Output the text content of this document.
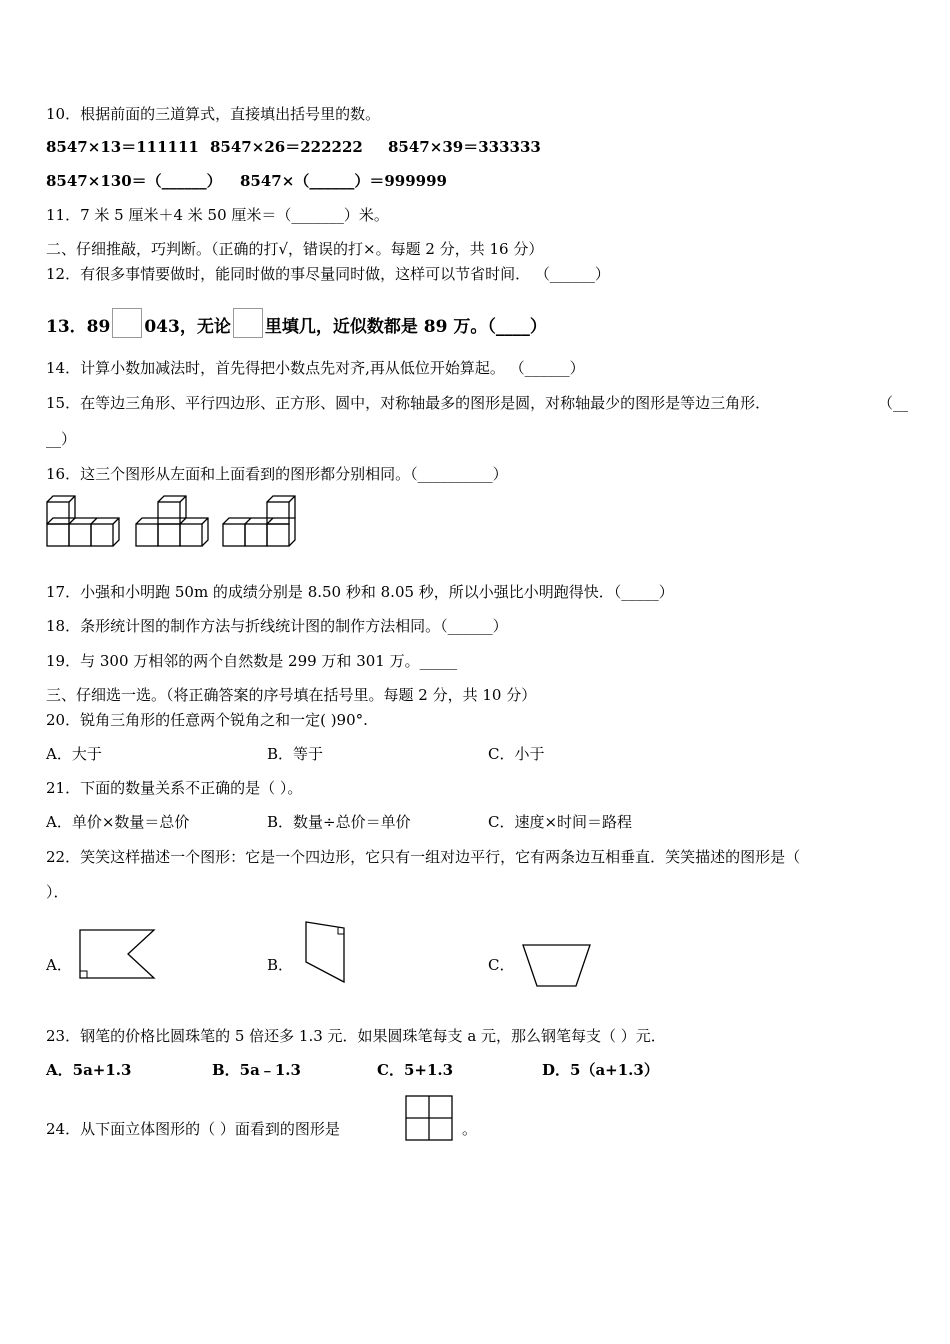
10．根据前面的三道算式，直接填出括号里的数。
8547×13＝111111 8547×26＝222222 8547×39＝333333
8547×130＝（______） 8547×（______）＝999999
11．7 米 5 厘米＋4 米 50 厘米＝（_______）米。
二、仔细推敲，巧判断。（正确的打√，错误的打×。每题 2 分，共 16 分）
12．有很多事情要做时，能同时做的事尽量同时做，这样可以节省时间． （______）
13．89 043，无论 里填几，近似数都是 89 万。（____）
14．计算小数加减法时，首先得把小数点先对齐,再从低位开始算起。 （______）
15．在等边三角形、平行四边形、正方形、圆中，对称轴最多的图形是圆，对称轴最少的图形是等边三角形．	（__
__）
16．这三个图形从左面和上面看到的图形都分别相同。（__________）
17．小强和小明跑 50m 的成绩分别是 8.50 秒和 8.05 秒，所以小强比小明跑得快．（_____）
18．条形统计图的制作方法与折线统计图的制作方法相同。（______）
19．与 300 万相邻的两个自然数是 299 万和 301 万。_____
三、仔细选一选。（将正确答案的序号填在括号里。每题 2 分，共 10 分）
20．锐角三角形的任意两个锐角之和一定( )90°.
A．大于	B．等于	C．小于
21．下面的数量关系不正确的是（ ）。
A．单价×数量＝总价	B．数量÷总价＝单价	C．速度×时间＝路程
22．笑笑这样描述一个图形：它是一个四边形，它只有一组对边平行，它有两条边互相垂直．笑笑描述的图形是（
）．
A．	B．	C．
23．钢笔的价格比圆珠笔的 5 倍还多 1.3 元．如果圆珠笔每支 a 元，那么钢笔每支（ ）元．
A．5a+1.3	B．5a﹣1.3	C．5+1.3	D．5（a+1.3）
24．从下面立体图形的（ ）面看到的图形是	。
